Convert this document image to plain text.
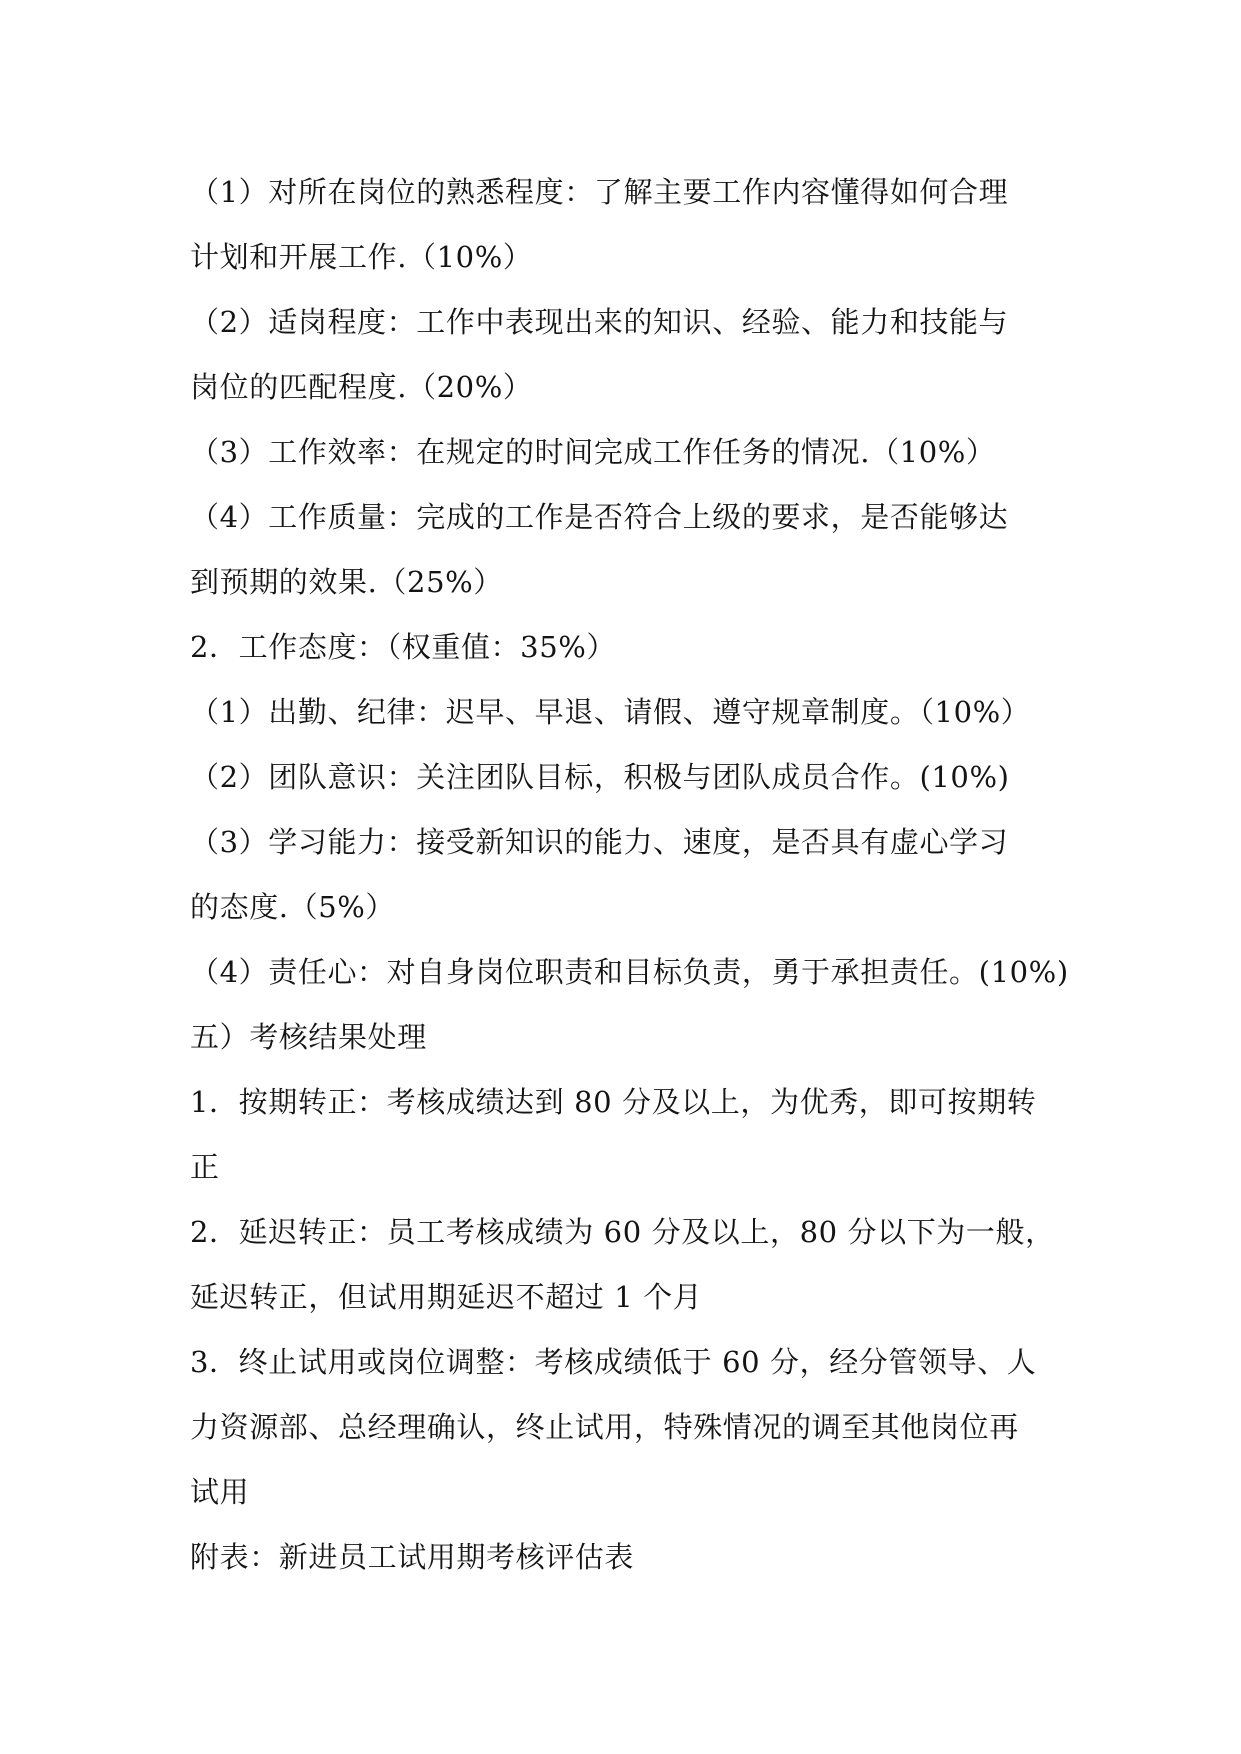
（1）对所在岗位的熟悉程度：了解主要工作内容懂得如何合理
计划和开展工作.（10%）
（2）适岗程度：工作中表现出来的知识、经验、能力和技能与
岗位的匹配程度.（20%）
（3）工作效率：在规定的时间完成工作任务的情况.（10%）
（4）工作质量：完成的工作是否符合上级的要求，是否能够达
到预期的效果.（25%）
2．工作态度：（权重值：35%）
（1）出勤、纪律：迟早、早退、请假、遵守规章制度。（10%）
（2）团队意识：关注团队目标，积极与团队成员合作。(10%)
（3）学习能力：接受新知识的能力、速度，是否具有虚心学习
的态度.（5%）
（4）责任心：对自身岗位职责和目标负责，勇于承担责任。(10%)
五）考核结果处理
1．按期转正：考核成绩达到 80 分及以上，为优秀，即可按期转
正
2．延迟转正：员工考核成绩为 60 分及以上，80 分以下为一般，
延迟转正，但试用期延迟不超过 1 个月
3．终止试用或岗位调整：考核成绩低于 60 分，经分管领导、人
力资源部、总经理确认，终止试用，特殊情况的调至其他岗位再
试用
附表：新进员工试用期考核评估表
